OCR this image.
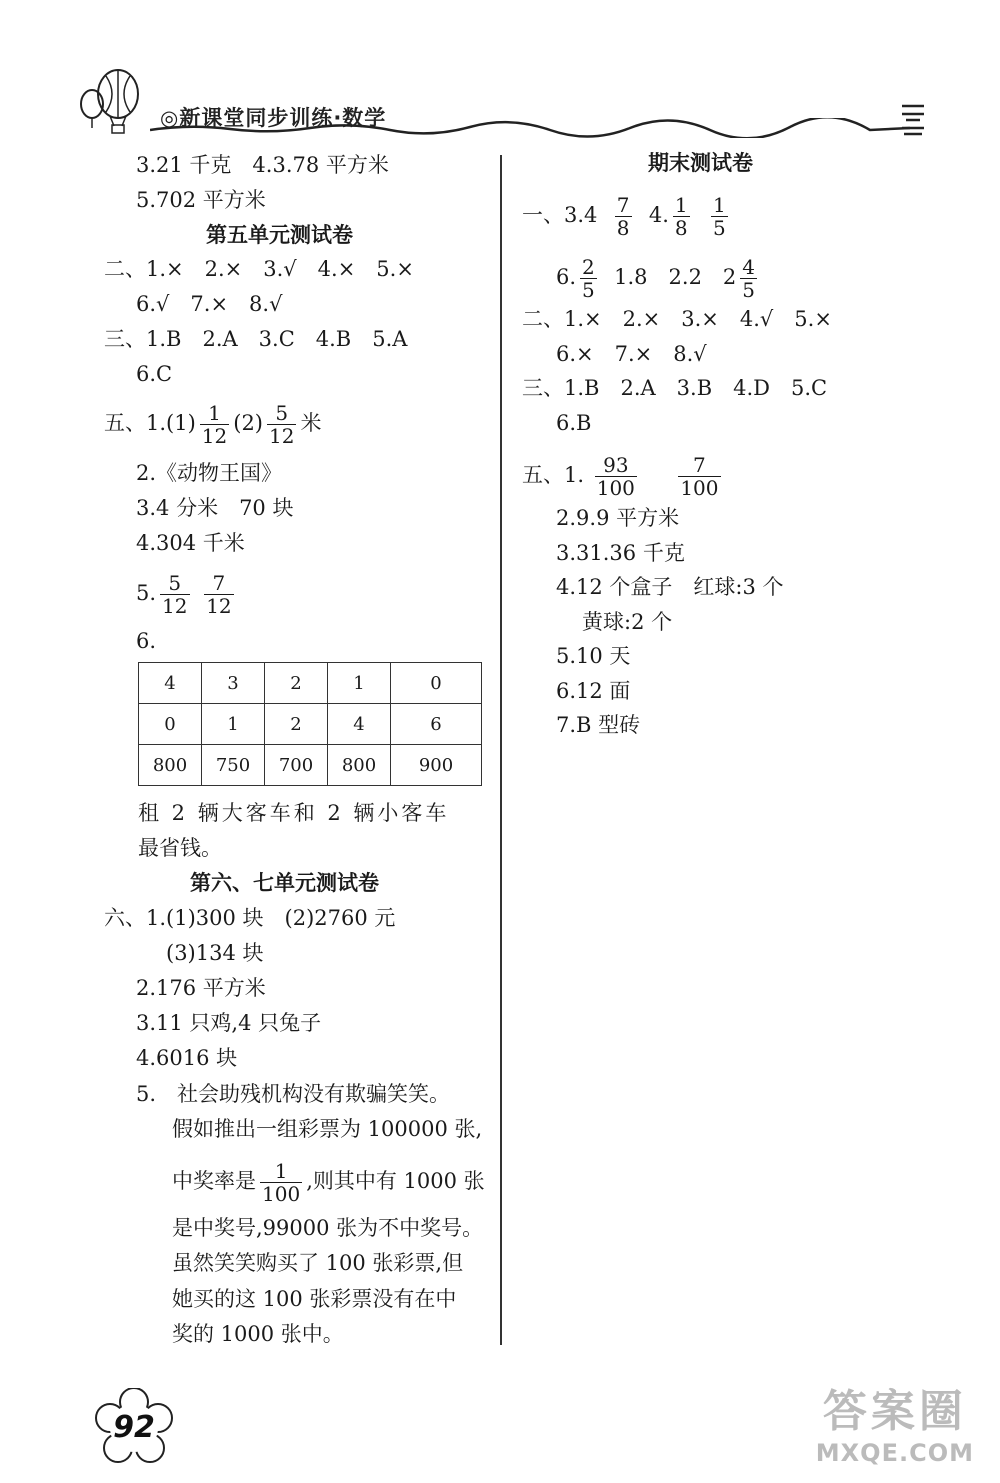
◎新课堂同步训练·数学
3.21 千克　4.3.78 平方米
5.702 平方米
第五单元测试卷
二、1.×　2.×　3.√　4.×　5.×
6.√　7.×　8.√
三、1.B　2.A　3.C　4.B　5.A
6.C
五、$1.(1) \frac{1}{12} (2) \frac{5}{12}$ 米
2.《动物王国》
3.4 分米　70 块
4.304 千米
5. $\frac{5}{12}$
$\frac{7}{12}$
6.
4	3	2	1	0
0	1	2	4	6
800	750	700	800	900
租 2 辆大客车和 2 辆小客车
最省钱。
第六、七单元测试卷
六、1.(1)300 块　(2)2760 元
(3)134 块
2.176 平方米
3.11 只鸡,4 只兔子
4.6016 块
5.　社会助残机构没有欺骗笑笑。
假如推出一组彩票为 100000 张,
中奖率是 $\frac{1}{100}$ ,则其中有 1000 张
是中奖号,99000 张为不中奖号。
虽然笑笑购买了 100 张彩票,但
她买的这 100 张彩票没有在中
奖的 1000 张中。
期末测试卷
一、$3.4 \frac{7}{8} 4$. $\frac{1}{8}$
$\frac{1}{5}$
6. $\frac{2}{5} 1.8$　2.2　$2 \frac{4}{5}$
二、1.×　2.×　3.×　4.√　5.×
6.×　7.×　8.√
三、1.B　2.A　3.B　4.D　5.C
6.B
五、1. $\frac{93}{100}$
$\frac{7}{100}$
2.9.9 平方米
3.31.36 千克
4.12 个盒子　红球:3 个
黄球:2 个
5.10 天
6.12 面
7.B 型砖
92	答案圈
MXQE.COM
